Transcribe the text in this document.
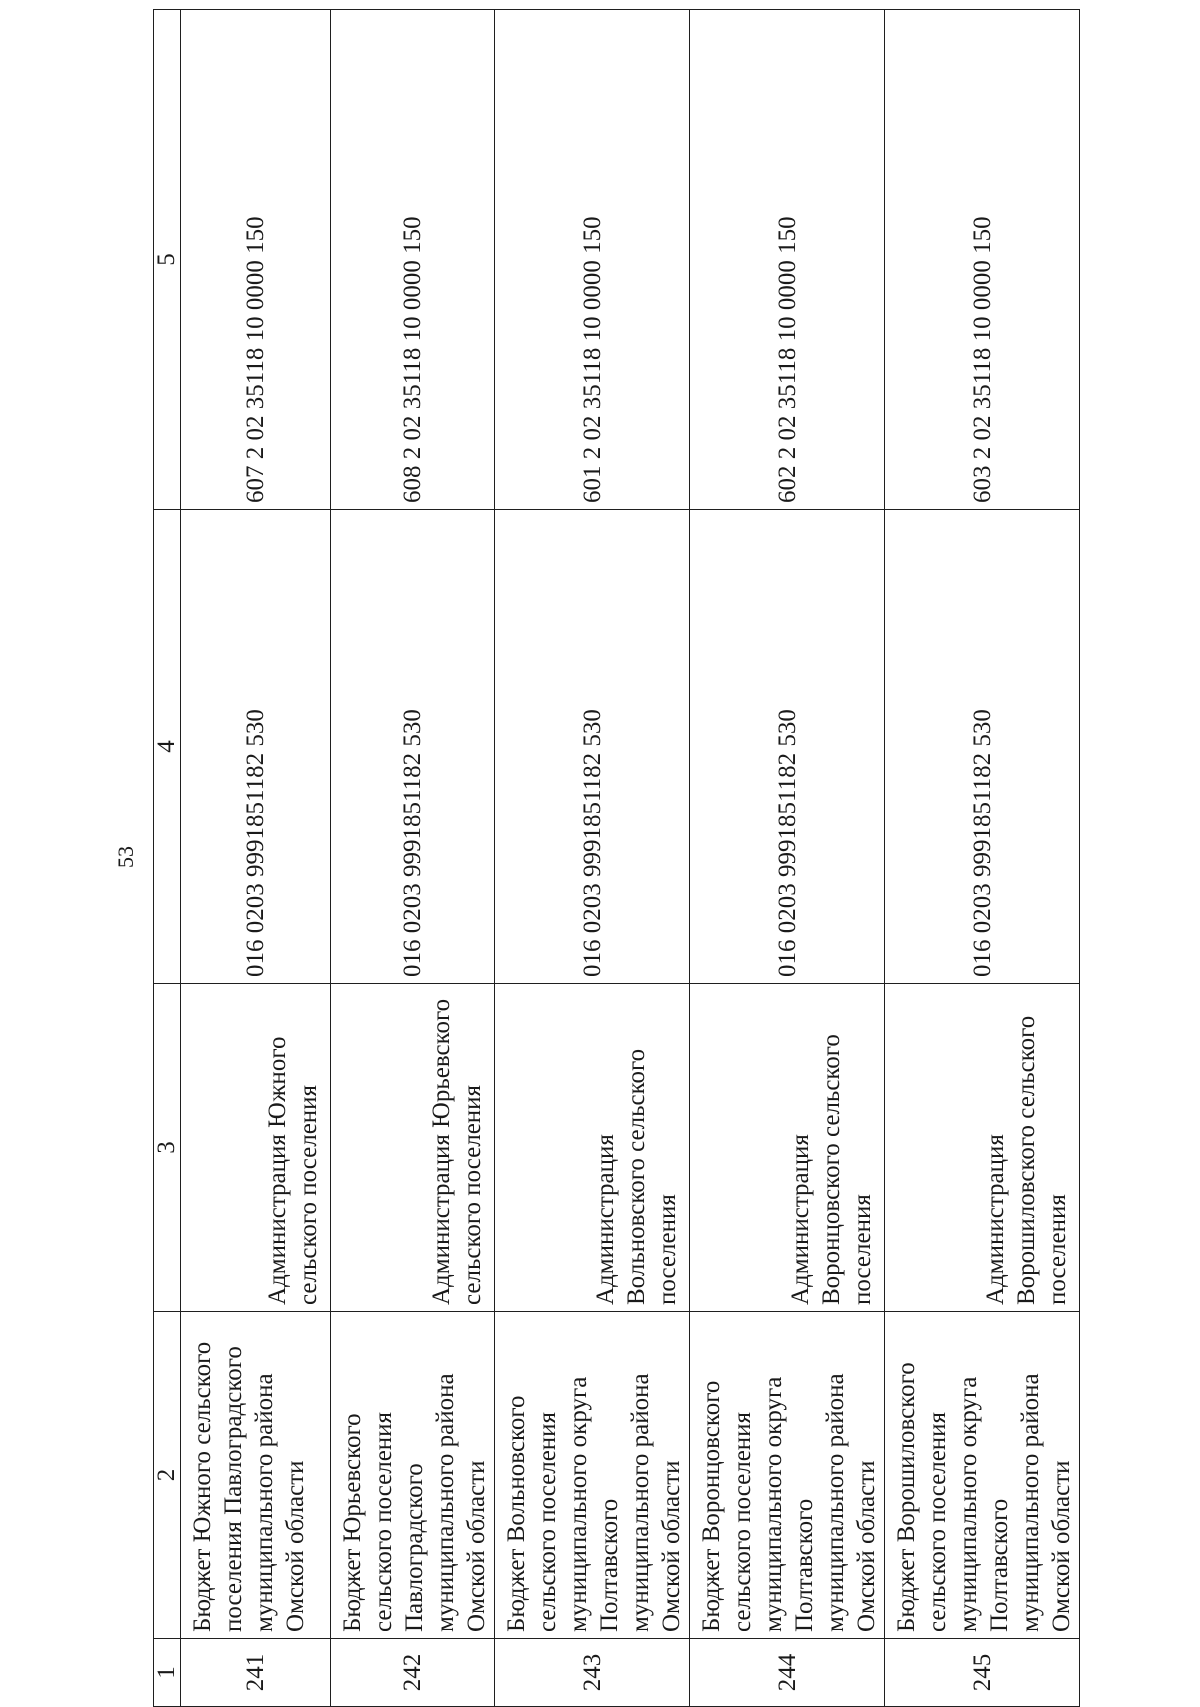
53
1	2	3	4	5
241	Бюджет Южного сельского поселения Павлоградского муниципального района Омской области	Администрация Южного сельского поселения	016 0203 9991851182 530	607 2 02 35118 10 0000 150
242	Бюджет Юрьевского сельского поселения Павлоградского муниципального района Омской области	Администрация Юрьевского сельского поселения	016 0203 9991851182 530	608 2 02 35118 10 0000 150
243	Бюджет Вольновского сельского поселения муниципального округа Полтавского муниципального района Омской области	Администрация Вольновского сельского поселения	016 0203 9991851182 530	601 2 02 35118 10 0000 150
244	Бюджет Воронцовского сельского поселения муниципального округа Полтавского муниципального района Омской области	Администрация Воронцовского сельского поселения	016 0203 9991851182 530	602 2 02 35118 10 0000 150
245	Бюджет Ворошиловского сельского поселения муниципального округа Полтавского муниципального района Омской области	Администрация Ворошиловского сельского поселения	016 0203 9991851182 530	603 2 02 35118 10 0000 150
